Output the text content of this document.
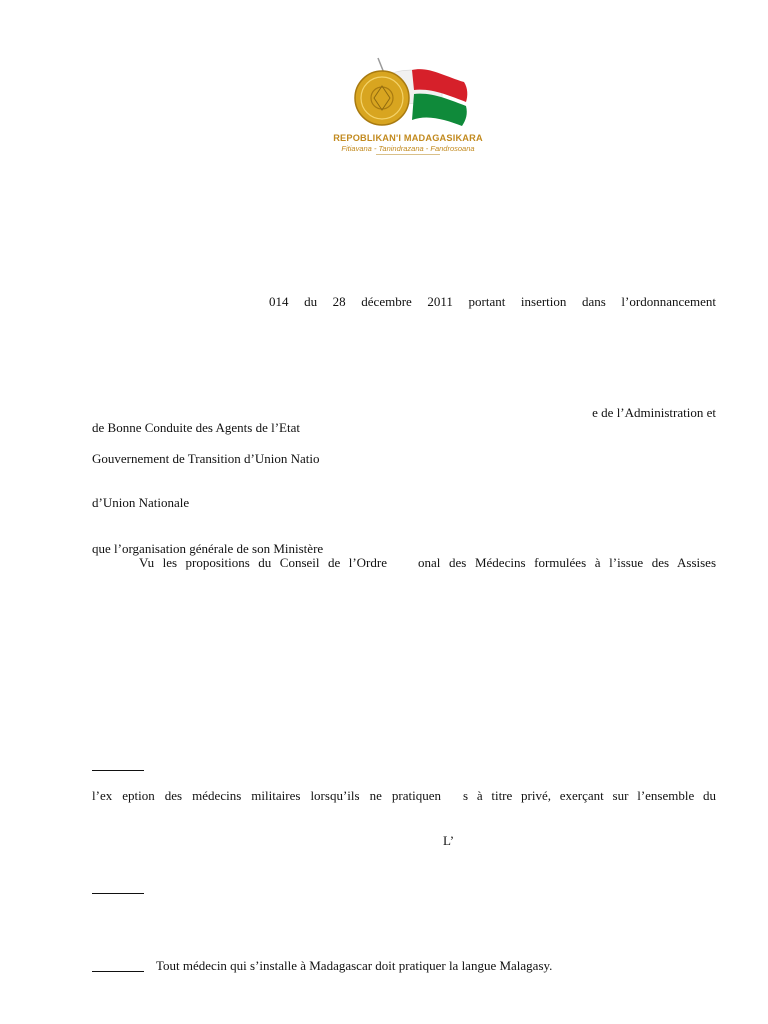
REPOBLIKAN'I MADAGASIKARA
Fitiavana - Tanindrazana - Fandrosoana
014 du 28 décembre 2011 portant insertion dans l’ordonnancement
e de l’Administration et
de Bonne Conduite des Agents de l’Etat
Gouvernement de Transition d’Union Natio
d’Union Nationale
que l’organisation générale de son Ministère
Vu les propositions du Conseil de l’Ordre onal des Médecins formulées à l’issue des Assises
l’ex eption des médecins militaires lorsqu’ils ne pratiquen s à titre privé, exerçant sur l’ensemble du
L’
Tout médecin qui s’installe à Madagascar doit pratiquer la langue Malagasy.
